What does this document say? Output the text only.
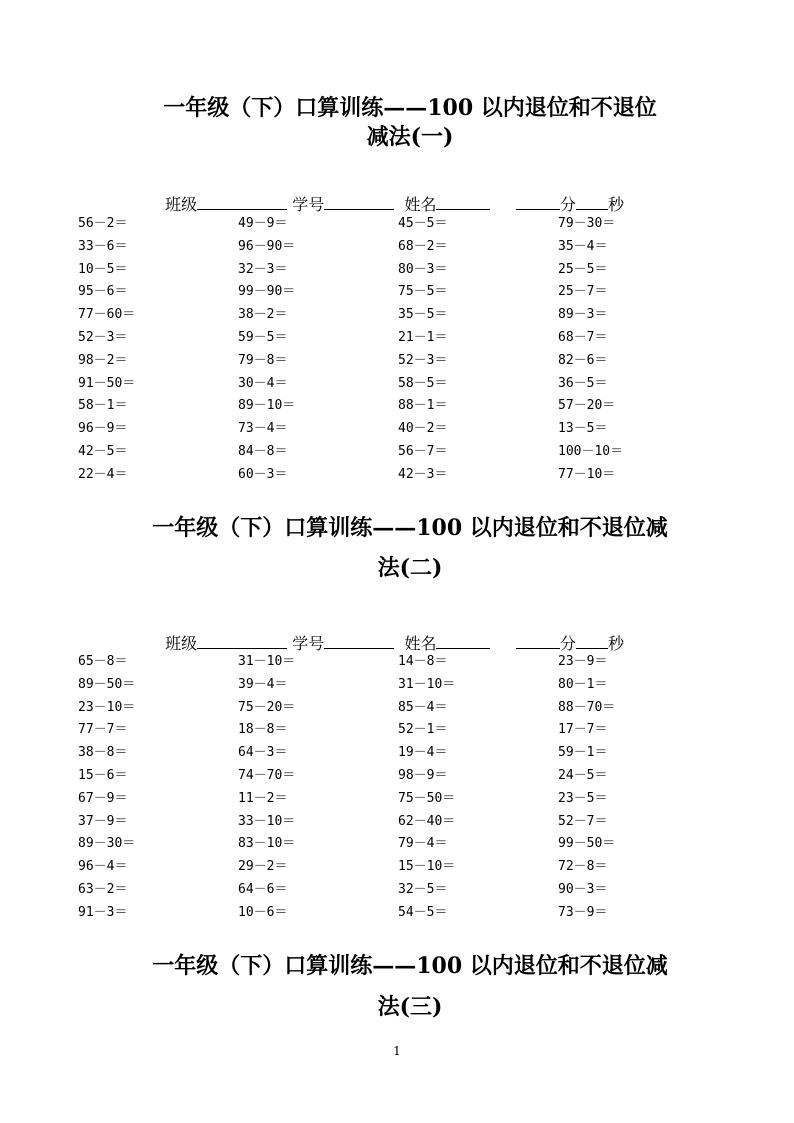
一年级（下）口算训练——100 以内退位和不退位
减法(一)

班级	学号	姓名	分 秒

56－2＝	49－9＝	45－5＝	79－30＝
33－6＝	96－90＝	68－2＝	35－4＝
10－5＝	32－3＝	80－3＝	25－5＝
95－6＝	99－90＝	75－5＝	25－7＝
77－60＝	38－2＝	35－5＝	89－3＝
52－3＝	59－5＝	21－1＝	68－7＝
98－2＝	79－8＝	52－3＝	82－6＝
91－50＝	30－4＝	58－5＝	36－5＝
58－1＝	89－10＝	88－1＝	57－20＝
96－9＝	73－4＝	40－2＝	13－5＝
42－5＝	84－8＝	56－7＝	100－10＝
22－4＝	60－3＝	42－3＝	77－10＝
一年级（下）口算训练——100 以内退位和不退位减
法(二)

班级	学号	姓名	分 秒

65－8＝	31－10＝	14－8＝	23－9＝
89－50＝	39－4＝	31－10＝	80－1＝
23－10＝	75－20＝	85－4＝	88－70＝
77－7＝	18－8＝	52－1＝	17－7＝
38－8＝	64－3＝	19－4＝	59－1＝
15－6＝	74－70＝	98－9＝	24－5＝
67－9＝	11－2＝	75－50＝	23－5＝
37－9＝	33－10＝	62－40＝	52－7＝
89－30＝	83－10＝	79－4＝	99－50＝
96－4＝	29－2＝	15－10＝	72－8＝
63－2＝	64－6＝	32－5＝	90－3＝
91－3＝	10－6＝	54－5＝	73－9＝
一年级（下）口算训练——100 以内退位和不退位减
法(三)
1
